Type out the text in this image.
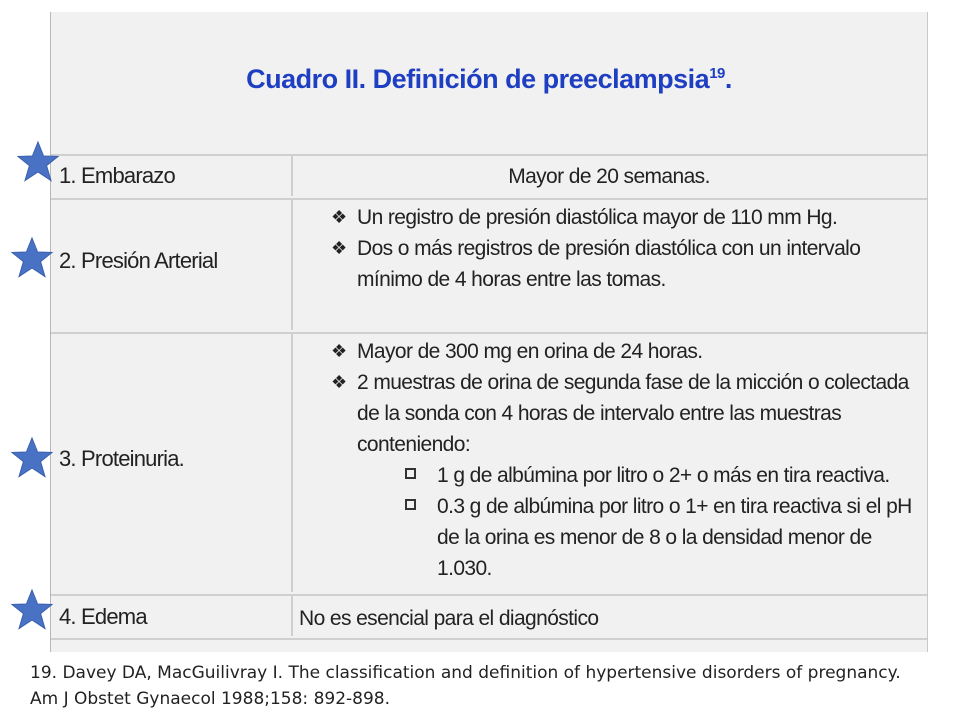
Cuadro II. Definición de preeclampsia$^{19}$.
1. Embarazo	Mayor de 20 semanas.
2. Presión Arterial
❖ Un registro de presión diastólica mayor de 110 mm Hg.
❖ Dos o más registros de presión diastólica con un intervalo mínimo de 4 horas entre las tomas.
3. Proteinuria.
❖ Mayor de 300 mg en orina de 24 horas.
❖ 2 muestras de orina de segunda fase de la micción o colectada de la sonda con 4 horas de intervalo entre las muestras conteniendo:
1 g de albúmina por litro o 2+ o más en tira reactiva.
0.3 g de albúmina por litro o 1+ en tira reactiva si el pH de la orina es menor de 8 o la densidad menor de 1.030.
4. Edema	No es esencial para el diagnóstico
19. Davey DA, MacGuilivray I. The classification and definition of hypertensive disorders of pregnancy. Am J Obstet Gynaecol 1988;158: 892-898.
